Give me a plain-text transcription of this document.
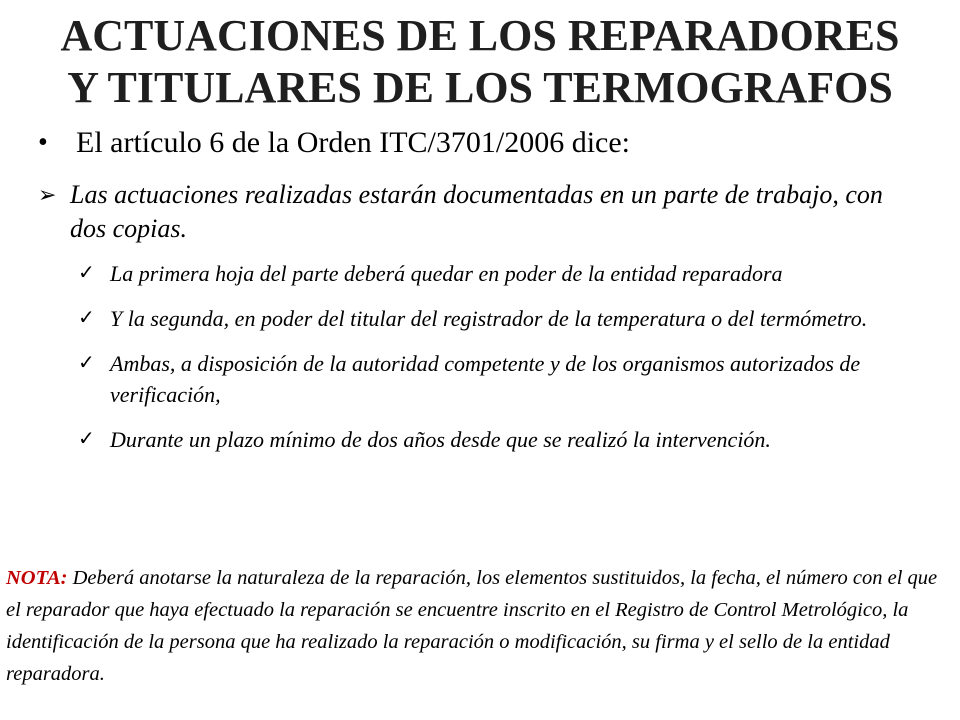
ACTUACIONES DE LOS REPARADORES
Y TITULARES DE LOS TERMOGRAFOS
• El artículo 6 de la Orden ITC/3701/2006 dice:
➢ Las actuaciones realizadas estarán documentadas en un parte de trabajo, con dos copias.
✓ La primera hoja del parte deberá quedar en poder de la entidad reparadora
✓ Y la segunda, en poder del titular del registrador de la temperatura o del termómetro.
✓ Ambas, a disposición de la autoridad competente y de los organismos autorizados de verificación,
✓ Durante un plazo mínimo de dos años desde que se realizó la intervención.
NOTA: Deberá anotarse la naturaleza de la reparación, los elementos sustituidos, la fecha, el número con el que el reparador que haya efectuado la reparación se encuentre inscrito en el Registro de Control Metrológico, la identificación de la persona que ha realizado la reparación o modificación, su firma y el sello de la entidad reparadora.
